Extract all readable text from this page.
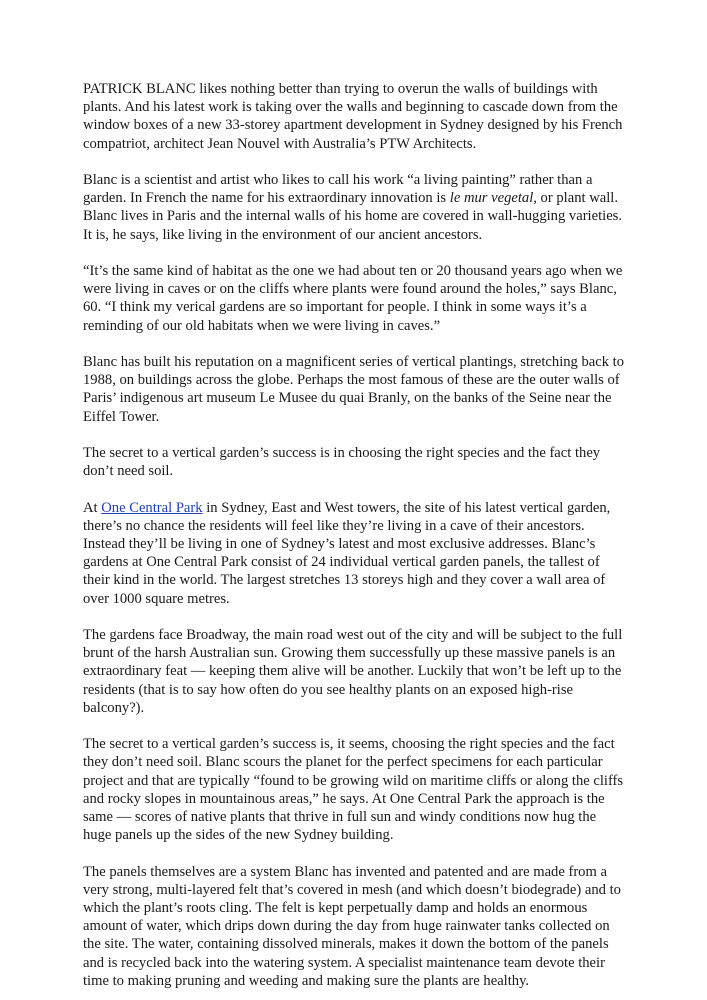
PATRICK BLANC likes nothing better than trying to overun the walls of buildings with plants. And his latest work is taking over the walls and beginning to cascade down from the window boxes of a new 33-storey apartment development in Sydney designed by his French compatriot, architect Jean Nouvel with Australia’s PTW Architects.

Blanc is a scientist and artist who likes to call his work “a living painting” rather than a garden. In French the name for his extraordinary innovation is le mur vegetal, or plant wall. Blanc lives in Paris and the internal walls of his home are covered in wall-hugging varieties. It is, he says, like living in the environment of our ancient ancestors.

“It’s the same kind of habitat as the one we had about ten or 20 thousand years ago when we were living in caves or on the cliffs where plants were found around the holes,” says Blanc, 60. “I think my verical gardens are so important for people. I think in some ways it’s a reminding of our old habitats when we were living in caves.”

Blanc has built his reputation on a magnificent series of vertical plantings, stretching back to 1988, on buildings across the globe. Perhaps the most famous of these are the outer walls of Paris’ indigenous art museum Le Musee du quai Branly, on the banks of the Seine near the Eiffel Tower.

The secret to a vertical garden’s success is in choosing the right species and the fact they don’t need soil.

At One Central Park in Sydney, East and West towers, the site of his latest vertical garden, there’s no chance the residents will feel like they’re living in a cave of their ancestors. Instead they’ll be living in one of Sydney’s latest and most exclusive addresses. Blanc’s gardens at One Central Park consist of 24 individual vertical garden panels, the tallest of their kind in the world. The largest stretches 13 storeys high and they cover a wall area of over 1000 square metres.

The gardens face Broadway, the main road west out of the city and will be subject to the full brunt of the harsh Australian sun. Growing them successfully up these massive panels is an extraordinary feat — keeping them alive will be another. Luckily that won’t be left up to the residents (that is to say how often do you see healthy plants on an exposed high-rise balcony?).

The secret to a vertical garden’s success is, it seems, choosing the right species and the fact they don’t need soil. Blanc scours the planet for the perfect specimens for each particular project and that are typically “found to be growing wild on maritime cliffs or along the cliffs and rocky slopes in mountainous areas,” he says. At One Central Park the approach is the same — scores of native plants that thrive in full sun and windy conditions now hug the huge panels up the sides of the new Sydney building.

The panels themselves are a system Blanc has invented and patented and are made from a very strong, multi-layered felt that’s covered in mesh (and which doesn’t biodegrade) and to which the plant’s roots cling. The felt is kept perpetually damp and holds an enormous amount of water, which drips down during the day from huge rainwater tanks collected on the site. The water, containing dissolved minerals, makes it down the bottom of the panels and is recycled back into the watering system. A specialist maintenance team devote their time to making pruning and weeding and making sure the plants are healthy.
